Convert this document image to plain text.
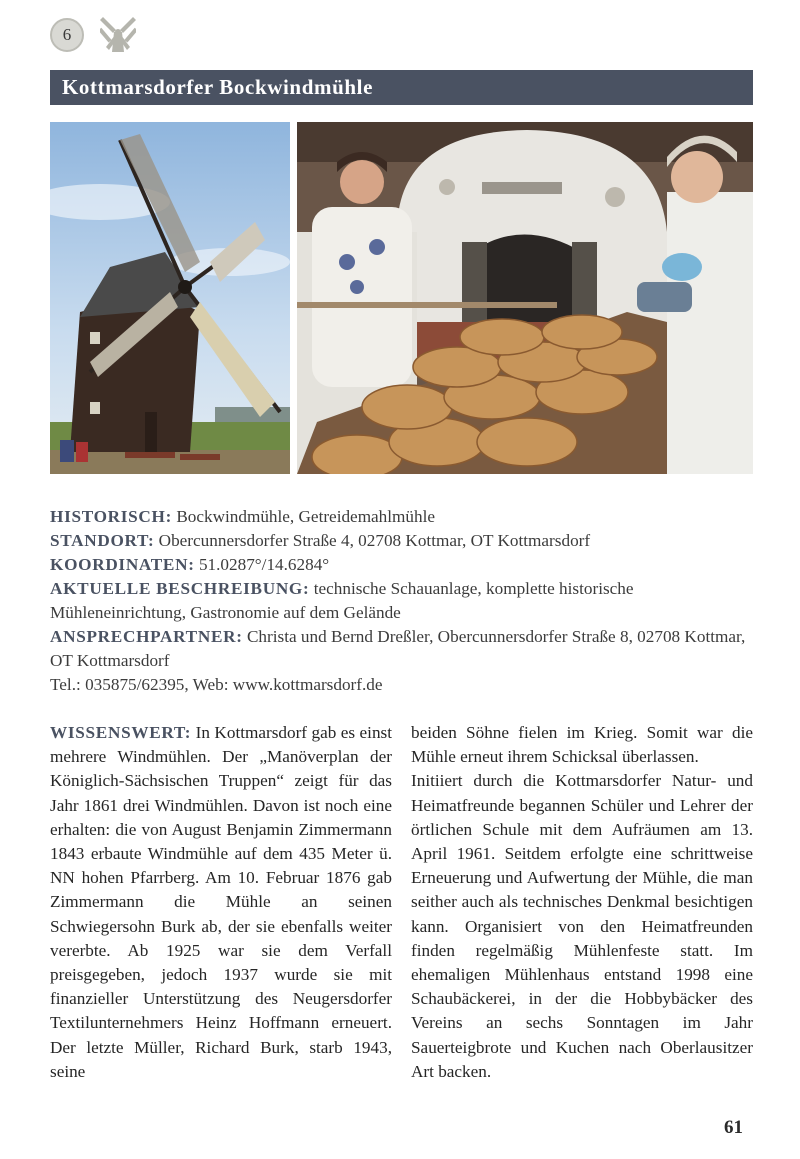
6
Kottmarsdorfer Bockwindmühle

HISTORISCH: Bockwindmühle, Getreidemahlmühle

STANDORT: Obercunnersdorfer Straße 4, 02708 Kottmar, OT Kottmarsdorf

KOORDINATEN: 51.0287°/14.6284°

AKTUELLE BESCHREIBUNG: technische Schauanlage, komplette historische Mühleneinrichtung, Gastronomie auf dem Gelände

ANSPRECHPARTNER: Christa und Bernd Dreßler, Obercunnersdorfer Straße 8, 02708 Kottmar, OT Kottmarsdorf

Tel.: 035875/62395, Web: www.kottmarsdorf.de

WISSENSWERT: In Kottmarsdorf gab es einst mehrere Windmühlen. Der „Manöverplan der Königlich-Sächsischen Truppen“ zeigt für das Jahr 1861 drei Windmühlen. Davon ist noch eine erhalten: die von August Benjamin Zimmermann 1843 erbaute Windmühle auf dem 435 Meter ü. NN hohen Pfarrberg. Am 10. Februar 1876 gab Zimmermann die Mühle an seinen Schwiegersohn Burk ab, der sie ebenfalls weiter vererbte. Ab 1925 war sie dem Verfall preisgegeben, jedoch 1937 wurde sie mit finanzieller Unterstützung des Neugersdorfer Textilunternehmers Heinz Hoffmann erneuert. Der letzte Müller, Richard Burk, starb 1943, seine

beiden Söhne fielen im Krieg. Somit war die Mühle erneut ihrem Schicksal überlassen.

Initiiert durch die Kottmarsdorfer Natur- und Heimatfreunde begannen Schüler und Lehrer der örtlichen Schule mit dem Aufräumen am 13. April 1961. Seitdem erfolgte eine schrittweise Erneuerung und Aufwertung der Mühle, die man seither auch als technisches Denkmal besichtigen kann. Organisiert von den Heimatfreunden finden regelmäßig Mühlenfeste statt. Im ehemaligen Mühlenhaus entstand 1998 eine Schaubäckerei, in der die Hobbybäcker des Vereins an sechs Sonntagen im Jahr Sauerteigbrote und Kuchen nach Oberlausitzer Art backen.

61
